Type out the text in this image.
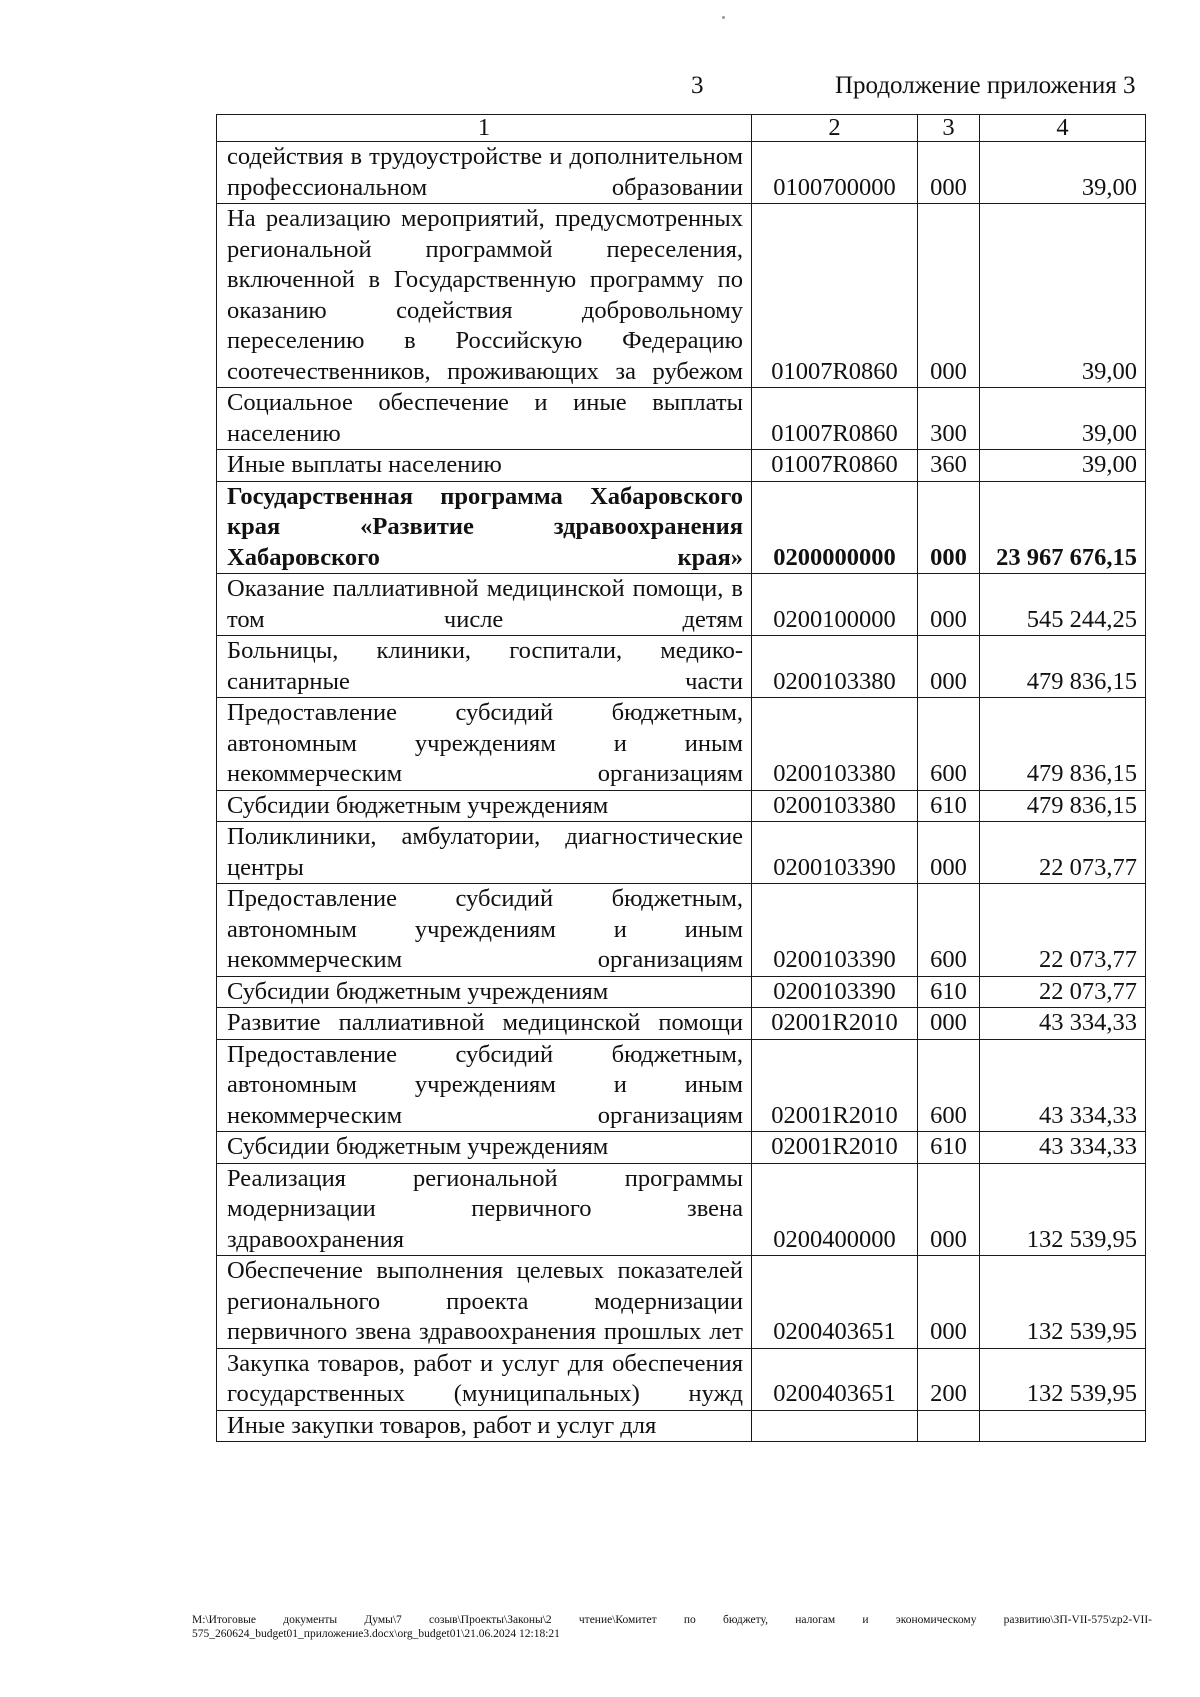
3	Продолжение приложения 3
1	2	3	4
содействия в трудоустройстве и дополнительном профессиональном образовании	0100700000	000	39,00
На реализацию мероприятий, предусмотренных региональной программой переселения, включенной в Государственную программу по оказанию содействия добровольному переселению в Российскую Федерацию соотечественников, проживающих за рубежом	01007R0860	000	39,00
Социальное обеспечение и иные выплаты населению	01007R0860	300	39,00
Иные выплаты населению	01007R0860	360	39,00
Государственная программа Хабаровского края «Развитие здравоохранения Хабаровского края»	0200000000	000	23 967 676,15
Оказание паллиативной медицинской помощи, в том числе детям	0200100000	000	545 244,25
Больницы, клиники, госпитали, медико-санитарные части	0200103380	000	479 836,15
Предоставление субсидий бюджетным, автономным учреждениям и иным некоммерческим организациям	0200103380	600	479 836,15
Субсидии бюджетным учреждениям	0200103380	610	479 836,15
Поликлиники, амбулатории, диагностические центры	0200103390	000	22 073,77
Предоставление субсидий бюджетным, автономным учреждениям и иным некоммерческим организациям	0200103390	600	22 073,77
Субсидии бюджетным учреждениям	0200103390	610	22 073,77
Развитие паллиативной медицинской помощи	02001R2010	000	43 334,33
Предоставление субсидий бюджетным, автономным учреждениям и иным некоммерческим организациям	02001R2010	600	43 334,33
Субсидии бюджетным учреждениям	02001R2010	610	43 334,33
Реализация региональной программы модернизации первичного звена здравоохранения	0200400000	000	132 539,95
Обеспечение выполнения целевых показателей регионального проекта модернизации первичного звена здравоохранения прошлых лет	0200403651	000	132 539,95
Закупка товаров, работ и услуг для обеспечения государственных (муниципальных) нужд	0200403651	200	132 539,95
Иные закупки товаров, работ и услуг для			
М:\Итоговые документы Думы\7 созыв\Проекты\Законы\2 чтение\Комитет по бюджету, налогам и экономическому развитию\ЗП-VII-575\zp2-VII-575_260624_budget01_приложение3.docx\org_budget01\21.06.2024 12:18:21
